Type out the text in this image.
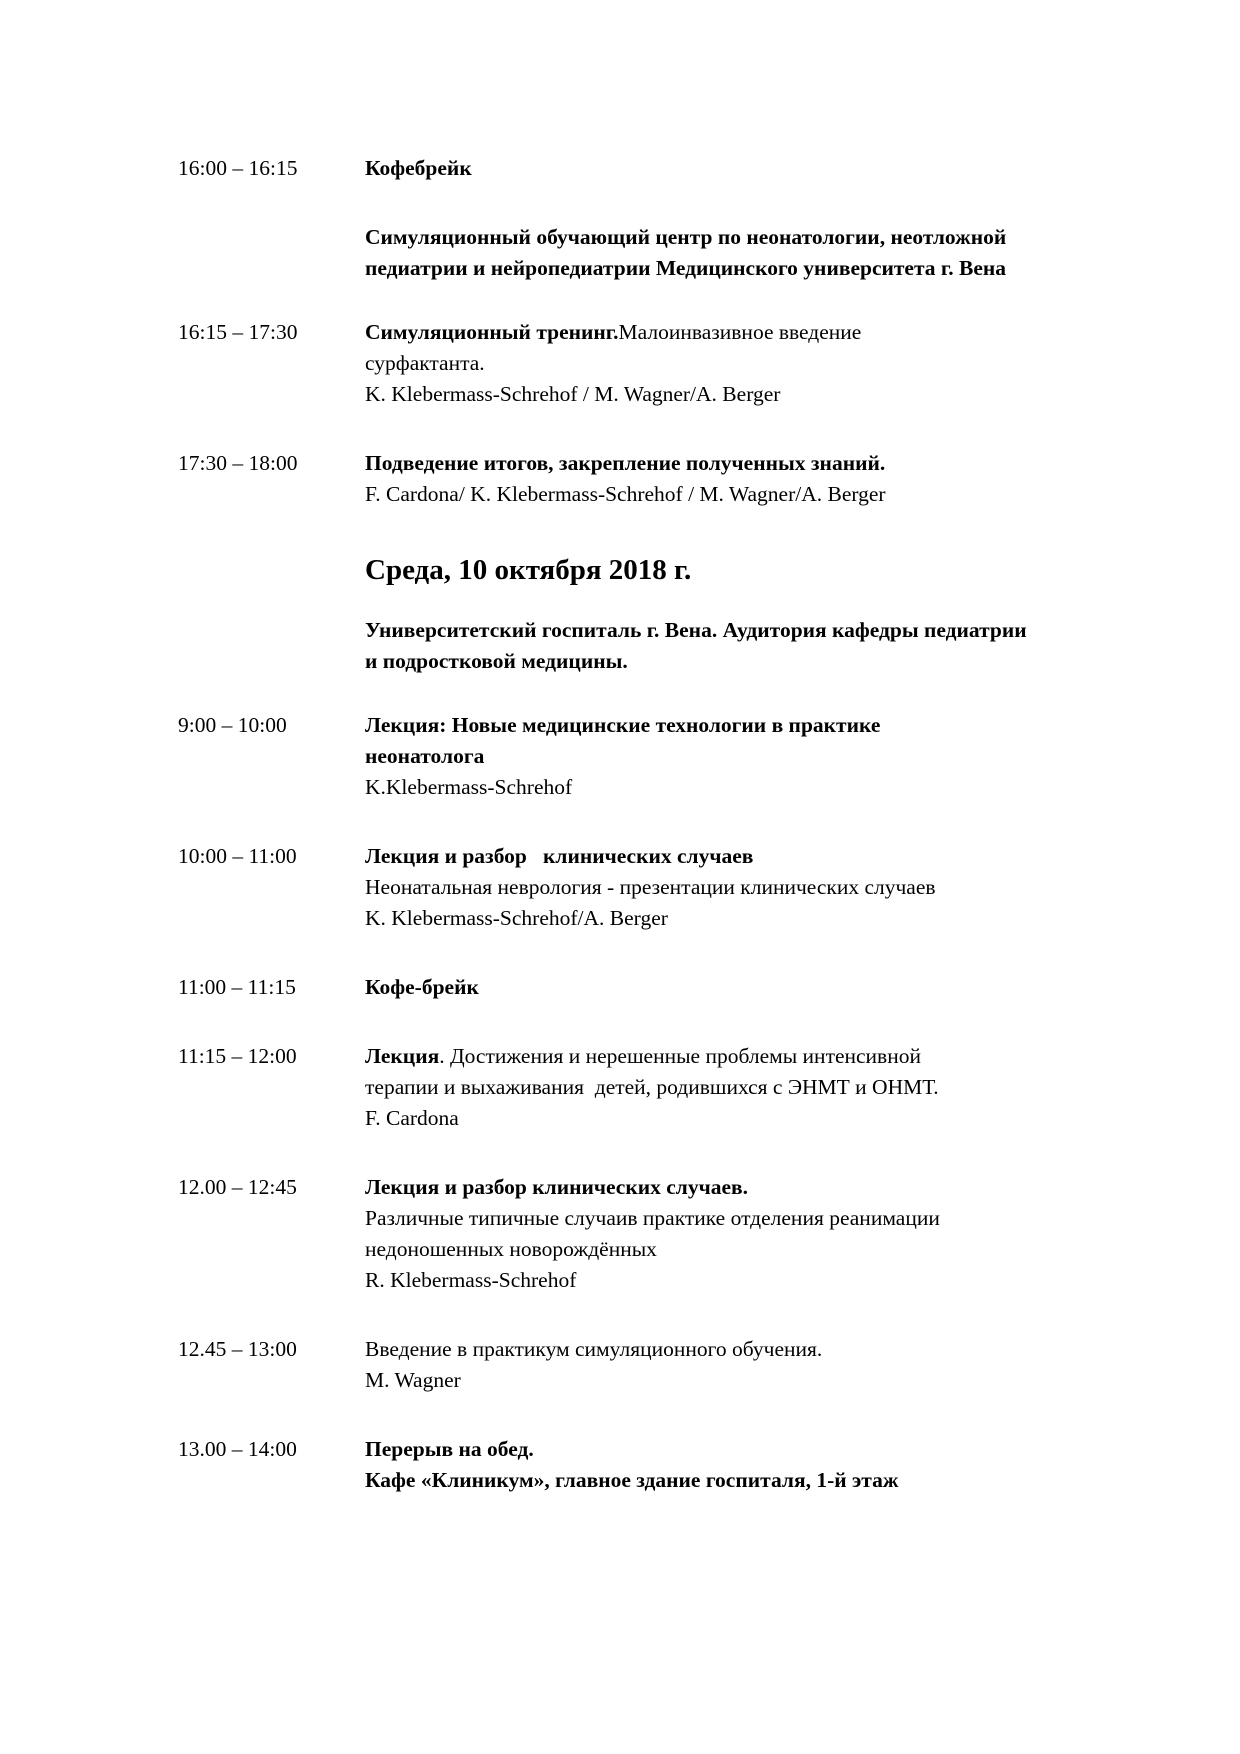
16:00 – 16:15	Кофебрейк
Симуляционный обучающий центр по неонатологии, неотложной
педиатрии и нейропедиатрии Медицинского университета г. Вена
16:15 – 17:30	Симуляционный тренинг.Малоинвазивное введение
сурфактанта.
K. Klebermass-Schrehof / M. Wagner/A. Berger
17:30 – 18:00	Подведение итогов, закрепление полученных знаний.
F. Cardona/ K. Klebermass-Schrehof / M. Wagner/A. Berger
Среда, 10 октября 2018 г.
Университетский госпиталь г. Вена. Аудитория кафедры педиатрии
и подростковой медицины.
9:00 – 10:00	Лекция: Новые медицинские технологии в практике
неонатолога
K.Klebermass-Schrehof
10:00 – 11:00	Лекция и разбор   клинических случаев
Неонатальная неврология - презентации клинических случаев
K. Klebermass-Schrehof/A. Berger
11:00 – 11:15	Кофе-брейк
11:15 – 12:00	Лекция. Достижения и нерешенные проблемы интенсивной
терапии и выхаживания  детей, родившихся с ЭНМТ и ОНМТ.
F. Cardona
12.00 – 12:45	Лекция и разбор клинических случаев.
Различные типичные случаив практике отделения реанимации
недоношенных новорождённых
R. Klebermass-Schrehof
12.45 – 13:00	Введение в практикум симуляционного обучения.
M. Wagner
13.00 – 14:00	Перерыв на обед.
Кафе «Клиникум», главное здание госпиталя, 1-й этаж
